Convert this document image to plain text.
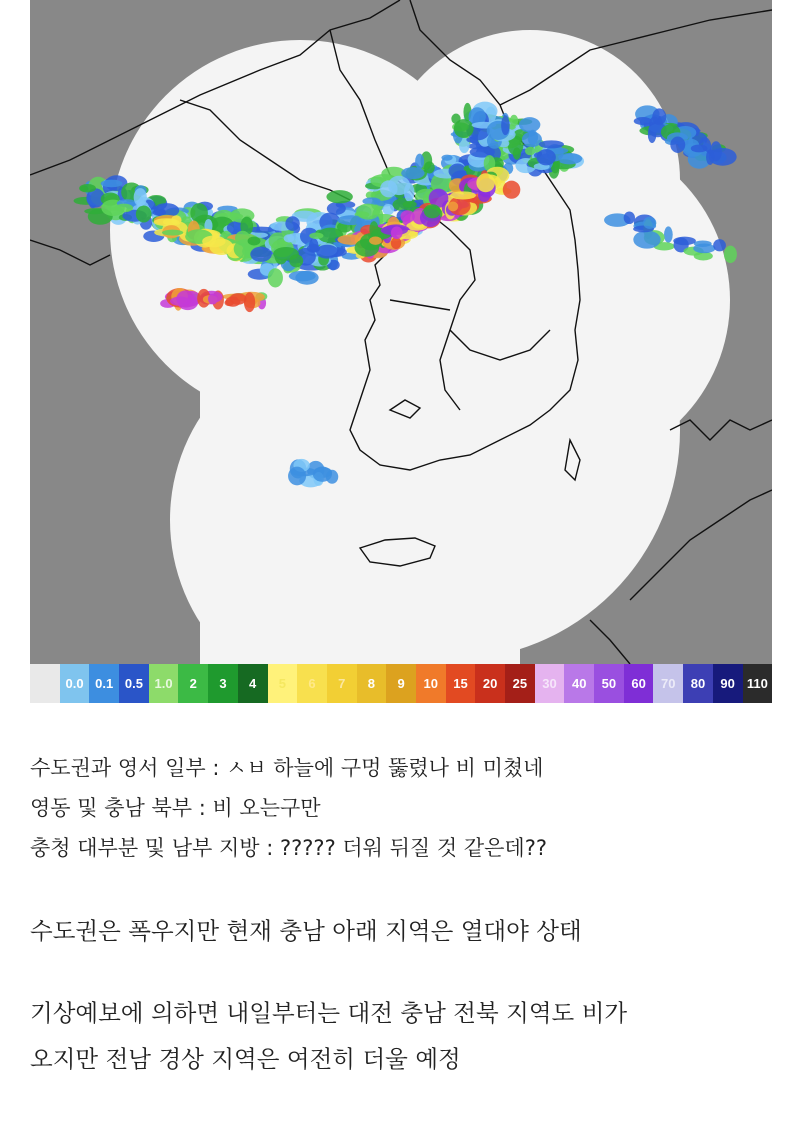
0.0 0.1 0.5 1.0	2	3	4	5	6	7	8	9	10	15	20	25	30	40	50	60	70	80	90 110
수도권과 영서 일부 : ㅅㅂ 하늘에 구멍 뚫렸나 비 미쳤네
영동 및 충남 북부 : 비 오는구만
충청 대부분 및 남부 지방 : ????? 더워 뒤질 것 같은데??
수도권은 폭우지만 현재 충남 아래 지역은 열대야 상태
기상예보에 의하면 내일부터는 대전 충남 전북 지역도 비가
오지만 전남 경상 지역은 여전히 더울 예정
